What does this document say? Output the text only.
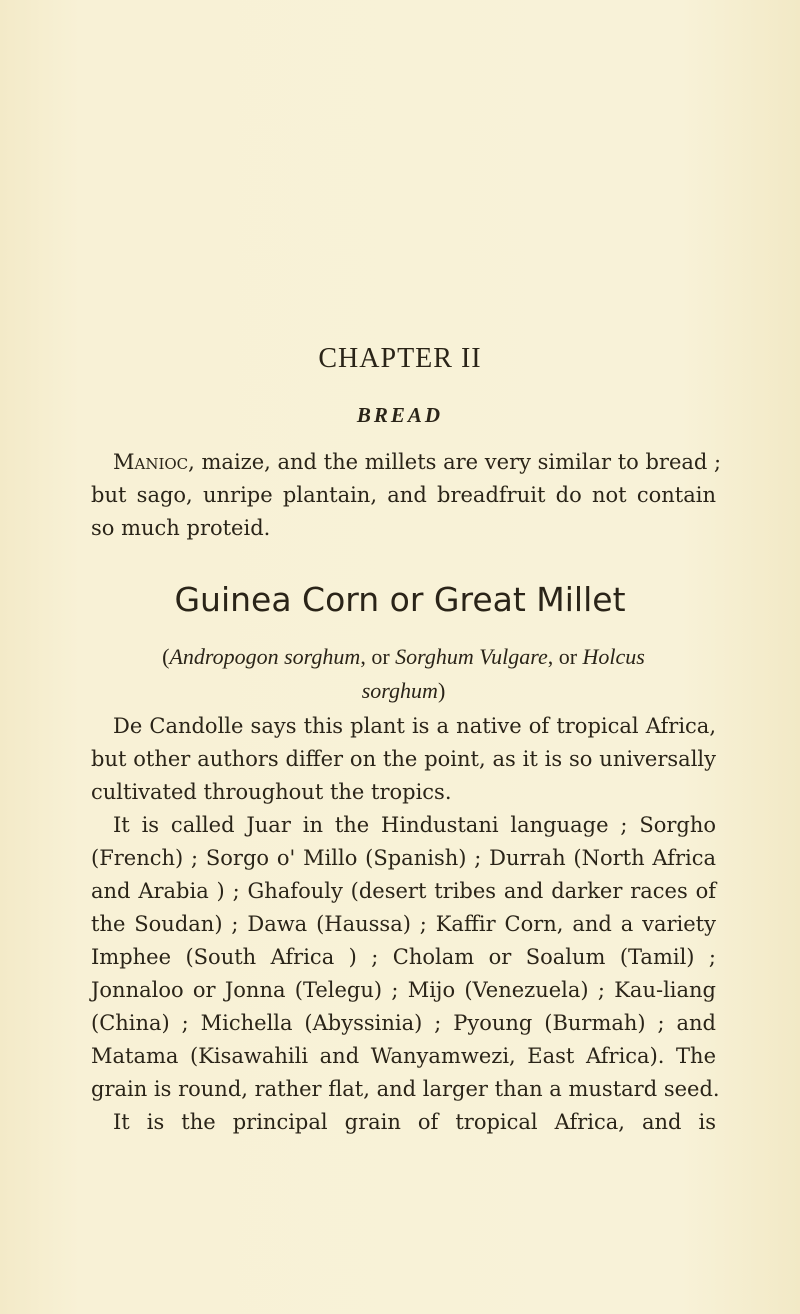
CHAPTER II
BREAD
Manioc, maize, and the millets are very similar to bread ;
but sago, unripe plantain, and breadfruit do not contain
so much proteid.
Guinea Corn or Great Millet
(Andropogon sorghum, or Sorghum Vulgare, or Holcus
sorghum)
De Candolle says this plant is a native of tropical Africa,
but other authors differ on the point, as it is so universally
cultivated throughout the tropics.
It is called Juar in the Hindustani language ; Sorgho
(French) ; Sorgo o' Millo (Spanish) ; Durrah (North Africa
and Arabia ) ; Ghafouly (desert tribes and darker races of
the Soudan) ; Dawa (Haussa) ; Kaffir Corn, and a variety
Imphee (South Africa ) ; Cholam or Soalum (Tamil) ;
Jonnaloo or Jonna (Telegu) ; Mijo (Venezuela) ; Kau-liang
(China) ; Michella (Abyssinia) ; Pyoung (Burmah) ; and
Matama (Kisawahili and Wanyamwezi, East Africa). The
grain is round, rather flat, and larger than a mustard seed.
It is the principal grain of tropical Africa, and is
